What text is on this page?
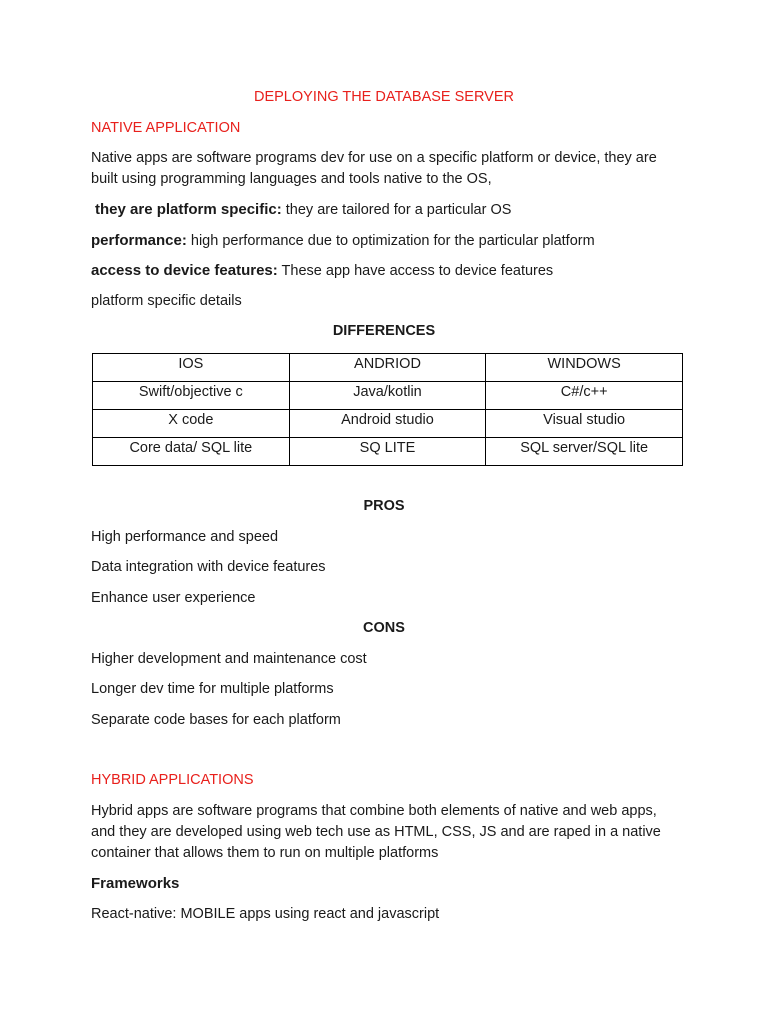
DEPLOYING THE DATABASE SERVER
NATIVE APPLICATION
Native apps are software programs dev for use on a specific platform or device, they are built using programming languages and tools native to the OS,
they are platform specific: they are tailored for a particular OS
performance: high performance due to optimization for the particular platform
access to device features: These app have access to device features
platform specific details
DIFFERENCES
IOS	ANDRIOD	WINDOWS
Swift/objective c	Java/kotlin	C#/c++
X code	Android studio	Visual studio
Core data/ SQL lite	SQ LITE	SQL server/SQL lite
PROS
High performance and speed
Data integration with device features
Enhance user experience
CONS
Higher development and maintenance cost
Longer dev time for multiple platforms
Separate code bases for each platform
HYBRID APPLICATIONS
Hybrid apps are software programs that combine both elements of native and web apps, and they are developed using web tech use as HTML, CSS, JS and are raped in a native container that allows them to run on multiple platforms
Frameworks
React-native: MOBILE apps using react and javascript
